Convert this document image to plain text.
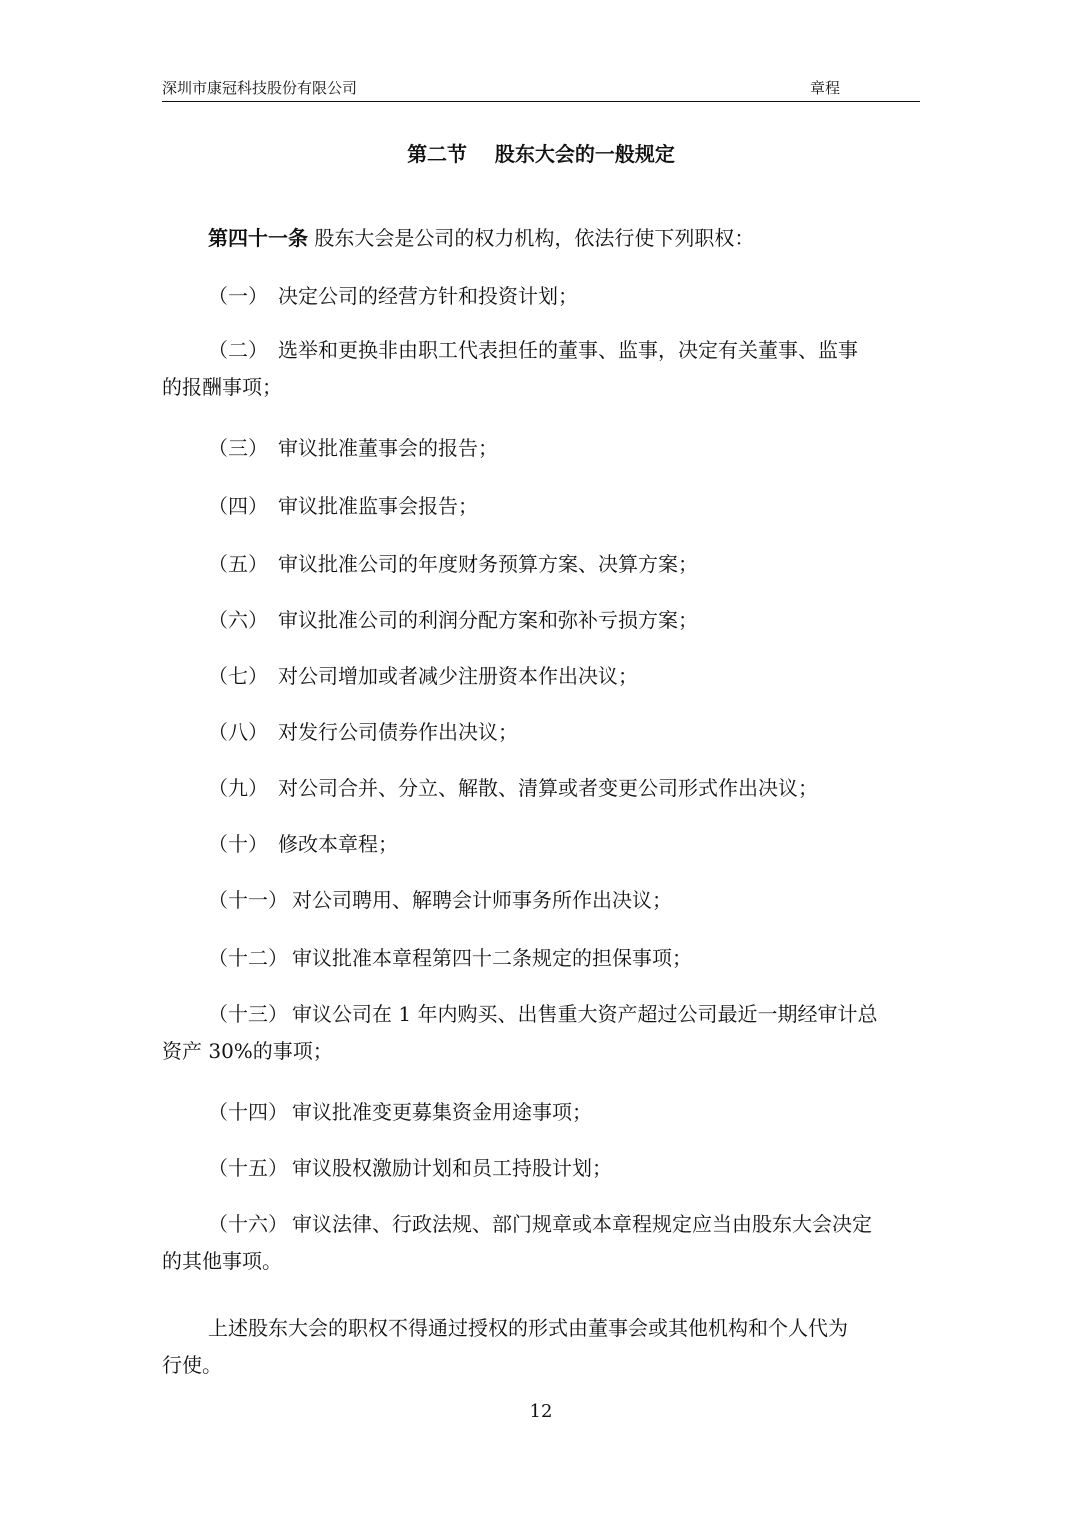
深圳市康冠科技股份有限公司	章程
第二节    股东大会的一般规定
第四十一条 股东大会是公司的权力机构，依法行使下列职权：
（一） 决定公司的经营方针和投资计划；
（二） 选举和更换非由职工代表担任的董事、监事，决定有关董事、监事
的报酬事项；
（三） 审议批准董事会的报告；
（四） 审议批准监事会报告；
（五） 审议批准公司的年度财务预算方案、决算方案；
（六） 审议批准公司的利润分配方案和弥补亏损方案；
（七） 对公司增加或者减少注册资本作出决议；
（八） 对发行公司债券作出决议；
（九） 对公司合并、分立、解散、清算或者变更公司形式作出决议；
（十） 修改本章程；
（十一） 对公司聘用、解聘会计师事务所作出决议；
（十二） 审议批准本章程第四十二条规定的担保事项；
（十三） 审议公司在 1 年内购买、出售重大资产超过公司最近一期经审计总
资产 30%的事项；
（十四） 审议批准变更募集资金用途事项；
（十五） 审议股权激励计划和员工持股计划；
（十六） 审议法律、行政法规、部门规章或本章程规定应当由股东大会决定
的其他事项。
上述股东大会的职权不得通过授权的形式由董事会或其他机构和个人代为
行使。
12
